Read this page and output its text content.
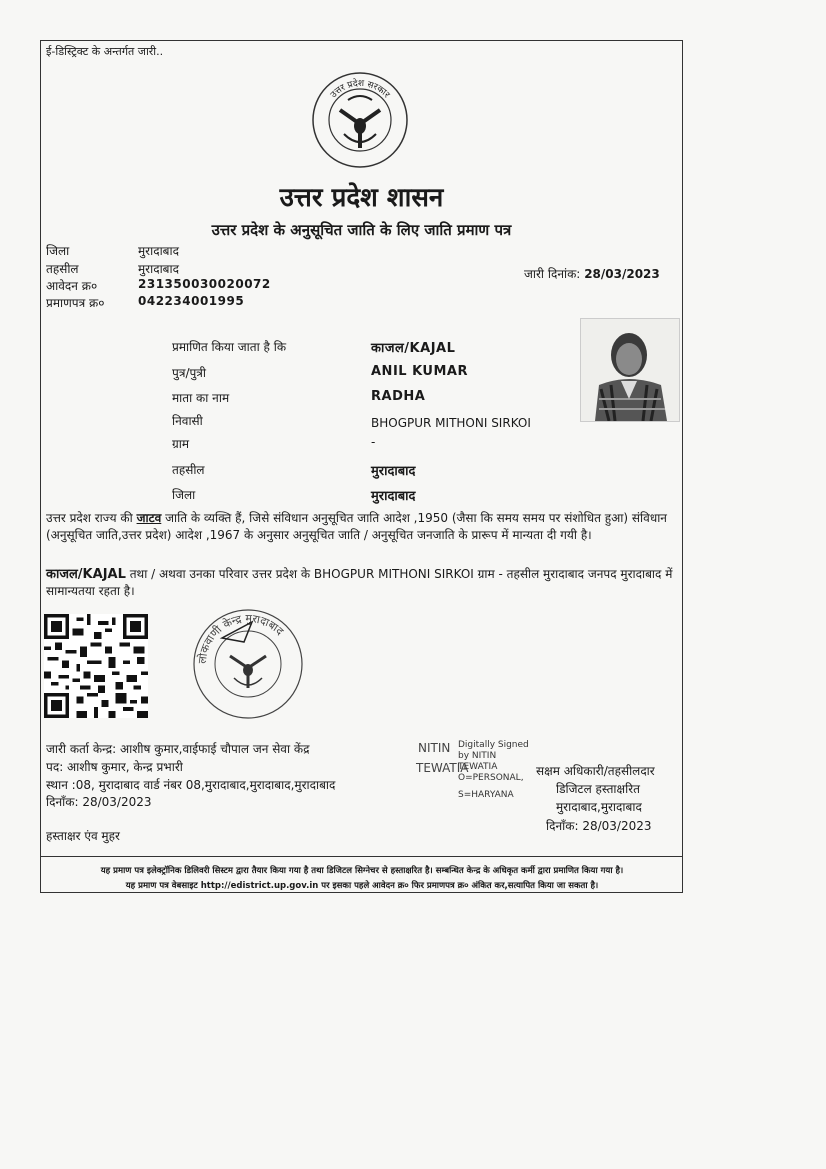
ई-डिस्ट्रिक्ट के अन्तर्गत जारी..
उत्तर प्रदेश सरकार
उत्तर प्रदेश शासन
उत्तर प्रदेश के अनुसूचित जाति के लिए जाति प्रमाण पत्र
जिला	मुरादाबाद
तहसील	मुरादाबाद
आवेदन क्र०	231350030020072
प्रमाणपत्र क्र०	042234001995
जारी दिनांक: 28/03/2023
प्रमाणित किया जाता है कि	काजल/KAJAL
पुत्र/पुत्री	ANIL KUMAR
माता का नाम	RADHA
निवासी	BHOGPUR MITHONI SIRKOI
ग्राम	-
तहसील	मुरादाबाद
जिला	मुरादाबाद
उत्तर प्रदेश राज्य की जाटव जाति के व्यक्ति हैं, जिसे संविधान अनुसूचित जाति आदेश ,1950 (जैसा कि समय समय पर संशोधित हुआ) संविधान (अनुसूचित जाति,उत्तर प्रदेश) आदेश ,1967 के अनुसार अनुसूचित जाति / अनुसूचित जनजाति के प्रारूप में मान्यता दी गयी है।
काजल/KAJAL तथा / अथवा उनका परिवार उत्तर प्रदेश के BHOGPUR MITHONI SIRKOI ग्राम - तहसील मुरादाबाद जनपद मुरादाबाद में सामान्यतया रहता है।
लोकवाणी केन्द्र मुरादाबाद
जारी कर्ता केन्द्र: आशीष कुमार,वाईफाई चौपाल जन सेवा केंद्र
पद: आशीष कुमार, केन्द्र प्रभारी
स्थान :08, मुरादाबाद वार्ड नंबर 08,मुरादाबाद,मुरादाबाद,मुरादाबाद
दिनाँक: 28/03/2023
NITIN
TEWATIA
Digitally Signed
by NITIN
TEWATIA
O=PERSONAL,
S=HARYANA
सक्षम अधिकारी/तहसीलदार
डिजिटल हस्ताक्षरित
मुरादाबाद,मुरादाबाद
दिनाँक: 28/03/2023
हस्ताक्षर एंव मुहर
यह प्रमाण पत्र इलेक्ट्रॉनिक डिलिवरी सिस्टम द्वारा तैयार किया गया है तथा डिजिटल सिग्नेचर से हस्ताक्षरित है। सम्बन्धित केन्द्र के अधिकृत कर्मी द्वारा प्रमाणित किया गया है।
यह प्रमाण पत्र वेबसाइट http://edistrict.up.gov.in पर इसका पहले आवेदन क्र० फिर प्रमाणपत्र क्र० अंकित कर,सत्यापित किया जा सकता है।
